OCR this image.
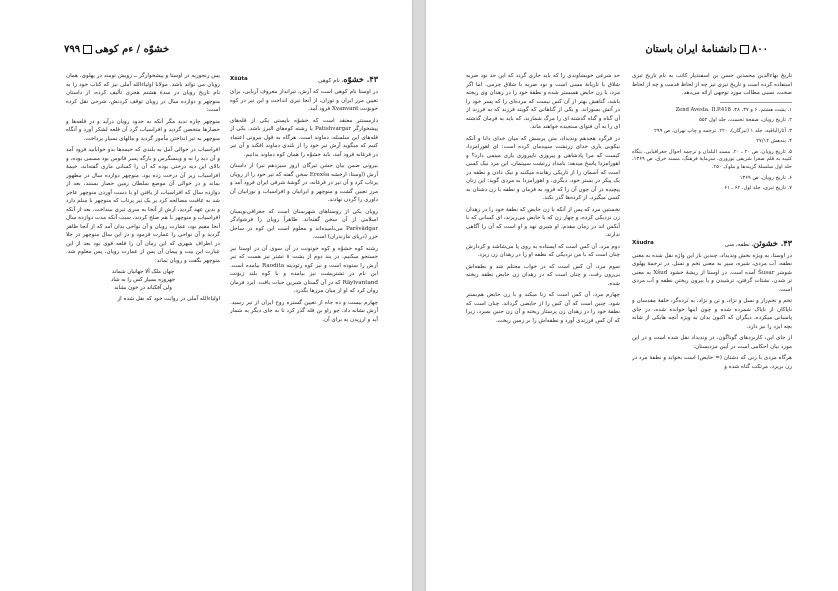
خشوّه / ءم کوهی۷۹۹

پس رنجوریه در اوستا و پیشخوارگر ــ رویش تومند در پهلوی، همان رویان می تواند باشد. مولانا اولیاءالله آملی نیز که کتاب خود را به نام تاریخ رویان در سدهٔ هشتم هجری تألیف کرده، از داستان منوچهر و دوازده سال در رویان توقف کردنش، شرحی نقل کرده است:

منوچهر چاره ندید مگر آنکه به حدود رویان درآید و در قلعه‌ها و حصارها متحصن گردید و افراسیاب گرد آن قلعه لشکر آورد و آنگاه منوچهر به تیر انداختن مأمور گردید و مالهای بسیار پرداخت.

افراسیاب در حوالی آمل به بلندی که خیمه‌ها بدو خوابانید فرود آمد و آن دیه را نه و وینسگرس و بارگه پسر قانوس بود مسمی بوده، و بالای این دیه درختی بوده که آن را کسانی ماری گفته‌اند، خیمهٔ افراسیاب زیر آن درخت زده بود. منوچهر دوازده سال در مظهور بماند و در حوالی آن موضع سلطان زمین حصار بستند، بعد از دوازده سال که افراسیاب از یافتن او با دست آوردن منوچهر عاجز شد به عاقبت مصالحه کرد بر یک تیر پرتاب که منوچهر با سلم دارد و بدین عهد گردید، آرش از آنجا به سری تیری بینداخت. بعد از آنکه افراسیاب و منوچهر با هم صلح کردند، سبب آنکه مدت دوازده سال آنجا مقیم بود، عمارت رویان و آن نواحی بدان آمد که از آنجا ظاهر گردید و آن نواحی را عمارت فرمود و در این سال منوچهر در جلا در اطراف شهری که این زمان آن را قلعه قوی بود بعد از این عبارت این بیت و پیمان آن پس از عمارت رویان، پس معلوم شد. منوچهر بگفت و رویان بماند:

چهان ملک ألا جهانیان شماند
جهروزه بسیار کس را به شاد
ولی آفکناند در خون نشاند

اولیاءالله آملی در روایت خود که نقل شده از

Xšūta	۴۳. خشوّه، نام کوهی

در اوستا نام کوهی است که آرش، تیرانداز معروف آریایی، برای تعیین مرز ایران و توران، از آنجا تیری انداخت و این تیر در کوه خونوَنت Xvanvant فرود آمد.

دارمستتر معتقد است که خشوّه بایستی یکی از قله‌های پیشخوارگر Patishvargar یا رشته کوه‌های البرز باشد. یکی از قله‌های این سلسله، دماوند است. هرگاه به قول بیرونی اعتماد کنیم که میگوید آرش تیر خود را از بلندی دماوند افکند و آن تیر در فرغانه فرود آمد، باید خشوّه را همان کوه دماوند بدانیم.

بیرونی ضمن بیان جشن تیرگان (روز سیزدهم تیر) از داستان آرش (اوستا: ارخشه Erexša سخن گفته که تیر خود را از رویان پرتاب کرد و آن تیر در فرغانه، در گوشهٔ شرقی ایران فرود آمد و مرز تعیین گشت و منوچهر و ایرانیان و افراسیاب و تورانیان آن داوری را گردن نهادند.

رویان یکی از روستاهای شهرستان است که جغرافی‌نویسان اسلامی از آن سخن گفته‌اند. ظاهراً رویان را فرشوادگر Paršvādgar می‌نامیده‌اند و معلوم است این کوه در ساحل خزر (دریای مازندران) است.

رشته کوه خشوّه و کوه خونونت در آن سوی آن در اوستا نیز جستجو میکنیم. در بند دوم از یشت ۸ تشتر نیز هست که تیر آرش را ستوده است و نیز کوه رئوذیته Raodita بیامده است. این نام در تشتریشت نیز بیامده و با کوه بلند رَیوَنت Rāyīvantand که در آن گستان شیرین حیات یافت. ایزد فرمان روان کرد که او از میان مرزها بگذرد.

چهارم بیست و ده جاه از تعیین گستره روح ایران از تیر رسید. آرش نشانه داد. چو راو بن قله گذر کرد تا به جای دیگر به شمار آید و ارزیدن به برای آن.

۸۰۰دانشنامهٔ ایران باستان

حد شرعی خویشاوندی را که باید جاری گردد که این حد نود ضربه شلاق یا تازیانهٔ مسی است و نود ضربه با شلاق چرمی. اما اگر مرد، با زن حایض همبستر شده و نطفهٔ خود را در زهدان وی ریخته باشد، گناهش بهتر از آن کس نیست که مرده‌ای را که پسر خود را در آتش بسوزاند. و یکی از گناهانی که گویند فرزند که به فرزند از آن گناه و گناه گذشته ای را مرگ شمارند، که باید به فرمان گذشته ای را به آن فتوای سنجیده خواهند ماند.

در فرگرد هجدهم وندیداد، متن پرسش که میان خدای دانا و آنکه نیکویی یاری خدای زرتشت سپیدمان کرده است: ای اهورامزدا، کیست که مرا پادشاهی و پیروزی ناپیروزی یاری مینمی دارد؟ و اهورامزدا پاسخ میدهد: بامداد زرتشت سپیتمان، این مرد نیک کسی است که آسمان را از تاریکی رهانده میکنند و نیک دادن و نطفه در یک پیکر در بستر خود، دیگری، و اهورامزدا به مردی گوید: این زنان پیچیده در آن چون آن را که فرود به فرمان و نطفه با زن دشتان به کسی میگیرد، از کرده‌ها گذر نکند.

نخستین مرد که پس از آنکه با زن حایض که نطفهٔ خود را در زهدان زن نزدیکی کرده، و چهار زن که با حایض می‌ریزند، ای کسانی که با آنکس اند در زمان مقدم، او شیری نهد و او است که آن را آگاهی ندارند.

دوم مرد، آن کس است که ایستاده به روی پا می‌شاشد و کردارش چنان است که با من نزدیکی که نطفه او را در زهدان زن ریزد.

سوم مرد، آن کس است که در خواب محتلم شد و نطفه‌اش بی‌رون رفت، و چنان است که در زهدان زن حایض نطفه ریخته شده.

چهارم مرد، آن کس است که زنا میکند و با زن حایض هم‌بستر شود. چنین است که آن کس را از حایضی گرداند. چنان است که نطفهٔ خود را در زهدان زن پرستار ریخته و آن زن جنین بمیرد، زیرا که آن کس فرزندی آورد و نطفه‌اش را بر زمین ریخت.

تاریخ بهاءالدین محمدبن حسن بن اسفندیار کاتب به نام تاریخ تبری استفاده کرده است و تاریخ تبری نیز چه از لحاظ قدمت و چه از لحاظ صحت، نسبی مطالب مورد توجهی ارائه می‌دهد.

۱. یشت هشتم، ۶ و ۳۷، ۳۸. Zend Avesta. II.P.418

۲. تاریخ رویان، صفحهٔ نخست، جلد اول ۵۵۲

۳. آثارالباقیه، جلد ۱ (تیرگان)، ۲۲۰. ترجمه و چاپ تهران، ص ۲۹۹

۴. بندهش ۲۷/۱۲

۵. تاریخ رویان، ص ۲۰ ـ ۲۰. مسند البلدان و ترجمه احوال جغرافیایی، بنگاه کتیبه به قلم صغرا شریفی نوروزی، سرمایهٔ فرهنگ، مسند خرق، ص ۱۳۶۹، جلد اول سلسلهٔ گزینه‌ها و ملوک ۲۵۰.

۶. تاریخ رویان، ص ۱۳۶۹

۷. تاریخ تبری، جلد اول، ۶۲ ـ ۶۱

Xšudra	۴۳. خشوئن، نطفه، منی

در اوستا، به ویژه بخش وندیداد، چندین بار این واژه نقل شده به معنی نطفه، آب مردی، شیره، سیر به معنی تخم و نسل. در ترجمهٔ پهلوی شوسَر Šusar آمده است. در اوستا از ریشهٔ خشود Xšud به معنی تر شدن، نشئات گرفتن، ترشیدن و یا بیرون ریختن نطفه و آب مردی است.

تخم و تخم‌زار و نسل و نژاد، و تن و نژاد، به تَرده‌گر، خلفهٔ مقدسان و ناپاکان از ناپاک شمرده شده و چون اینها خوانده شده، در جای پاسبانی میکرده، دیگران که اکنون بدان به ویژه آنچه هایکی از شانه بچه ایزد را نیز دارد.

از جای این، کاربردهای گوناگون، در وندیداد نقل شده است و در این مورد بیان احکامی است در آیین مزدیسنان:

هرگاه مردی با زنی که دشتان (= حایض) است بخوابد و نطفهٔ مرد در زن بریزد، مرتکب گناه شده و
